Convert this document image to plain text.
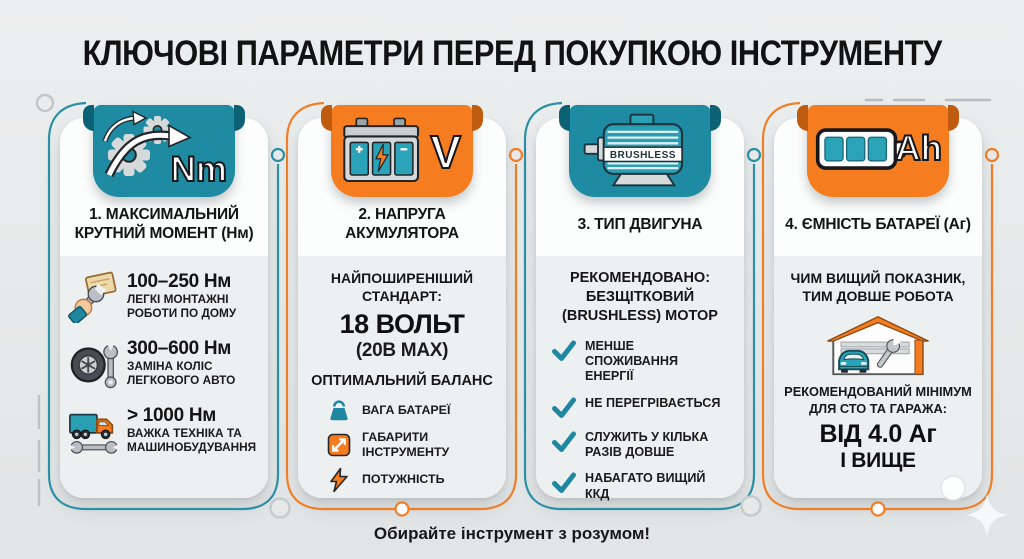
КЛЮЧОВІ ПАРАМЕТРИ ПЕРЕД ПОКУПКОЮ ІНСТРУМЕНТУ
Nm
1. МАКСИМАЛЬНИЙ КРУТНИЙ МОМЕНТ (Нм)
100–250 Нм
ЛЕГКІ МОНТАЖНІ РОБОТИ ПО ДОМУ
300–600 Нм
ЗАМІНА КОЛІС ЛЕГКОВОГО АВТО
> 1000 Нм
ВАЖКА ТЕХНІКА ТА МАШИНОБУДУВАННЯ
V
2. НАПРУГА АКУМУЛЯТОРА
НАЙПОШИРЕНІШИЙ СТАНДАРТ:
18 ВОЛЬТ
(20В MAX)
ОПТИМАЛЬНИЙ БАЛАНС
ВАГА БАТАРЕЇ
ГАБАРИТИ ІНСТРУМЕНТУ
ПОТУЖНІСТЬ
BRUSHLESS
3. ТИП ДВИГУНА
РЕКОМЕНДОВАНО: БЕЗЩІТКОВИЙ (BRUSHLESS) МОТОР
МЕНШЕ СПОЖИВАННЯ ЕНЕРГІЇ
НЕ ПЕРЕГРІВАЄТЬСЯ
СЛУЖИТЬ У КІЛЬКА РАЗІВ ДОВШЕ
НАБАГАТО ВИЩИЙ ККД
Ah
4. ЄМНІСТЬ БАТАРЕЇ (Аг)
ЧИМ ВИЩИЙ ПОКАЗНИК, ТИМ ДОВШЕ РОБОТА
РЕКОМЕНДОВАНИЙ МІНІМУМ ДЛЯ СТО ТА ГАРАЖА:
ВІД 4.0 Аг
І ВИЩЕ
Обирайте інструмент з розумом!
